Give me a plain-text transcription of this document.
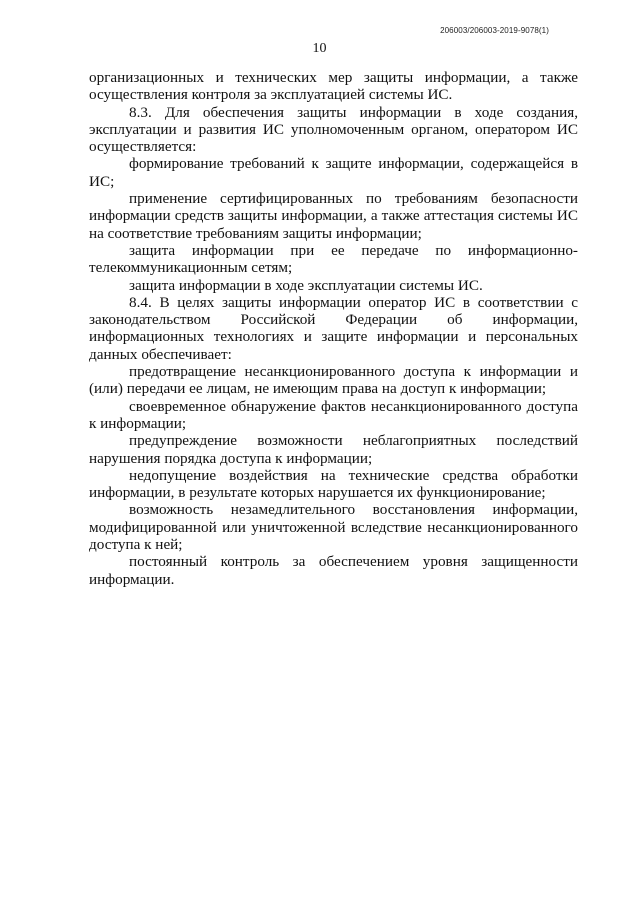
206003/206003-2019-9078(1)
10

организационных и технических мер защиты информации, а также осуществления контроля за эксплуатацией системы ИС.

8.3. Для обеспечения защиты информации в ходе создания, эксплуатации и развития ИС уполномоченным органом, оператором ИС осуществляется:

формирование требований к защите информации, содержащейся в ИС;

применение сертифицированных по требованиям безопасности информации средств защиты информации, а также аттестация системы ИС на соответствие требованиям защиты информации;

защита информации при ее передаче по информационно-телекоммуникационным сетям;

защита информации в ходе эксплуатации системы ИС.

8.4. В целях защиты информации оператор ИС в соответствии с законодательством Российской Федерации об информации, информационных технологиях и защите информации и персональных данных обеспечивает:

предотвращение несанкционированного доступа к информации и (или) передачи ее лицам, не имеющим права на доступ к информации;

своевременное обнаружение фактов несанкционированного доступа к информации;

предупреждение возможности неблагоприятных последствий нарушения порядка доступа к информации;

недопущение воздействия на технические средства обработки информации, в результате которых нарушается их функционирование;

возможность незамедлительного восстановления информации, модифицированной или уничтоженной вследствие несанкционированного доступа к ней;

постоянный контроль за обеспечением уровня защищенности информации.
